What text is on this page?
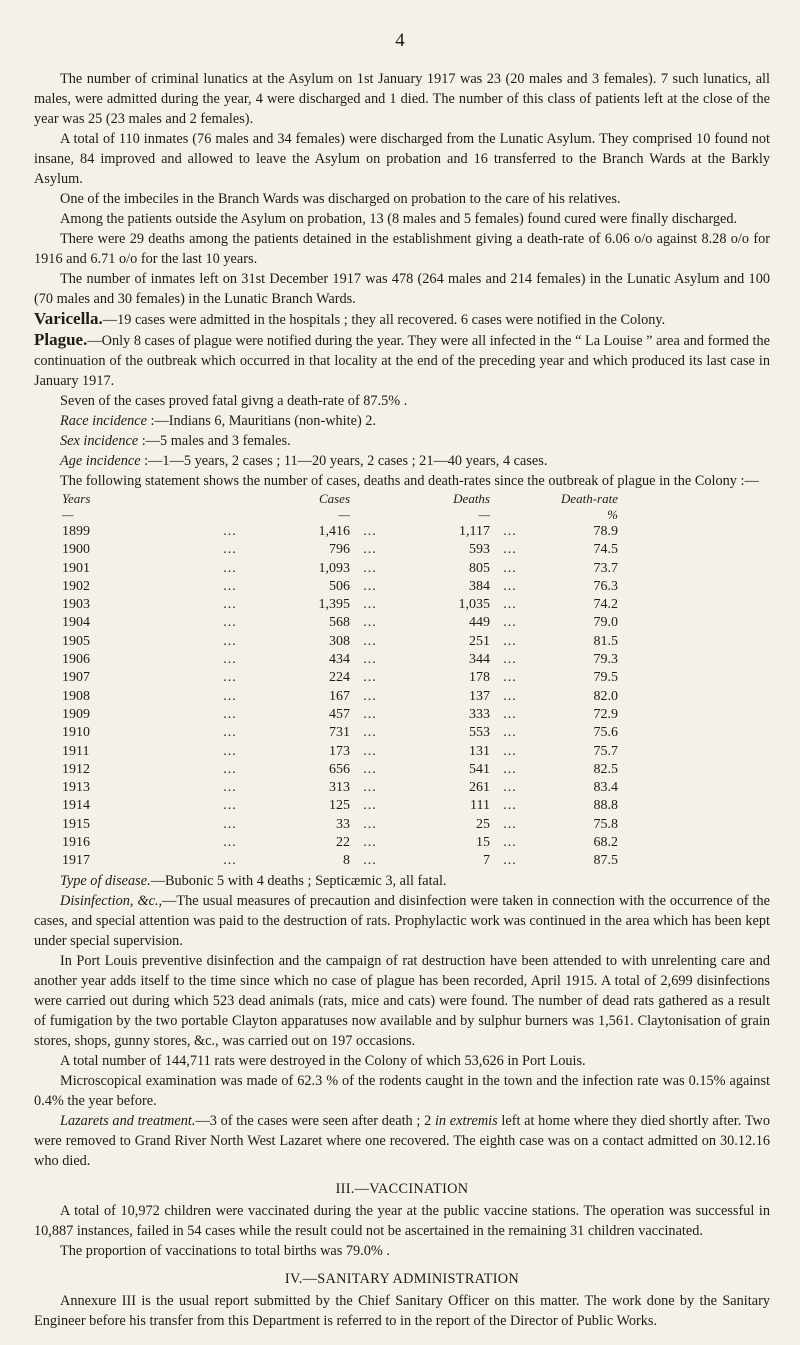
4

The number of criminal lunatics at the Asylum on 1st January 1917 was 23 (20 males and 3 females). 7 such lunatics, all males, were admitted during the year, 4 were discharged and 1 died. The number of this class of patients left at the close of the year was 25 (23 males and 2 females).

A total of 110 inmates (76 males and 34 females) were discharged from the Lunatic Asylum. They comprised 10 found not insane, 84 improved and allowed to leave the Asylum on probation and 16 transferred to the Branch Wards at the Barkly Asylum.

One of the imbeciles in the Branch Wards was discharged on probation to the care of his relatives.

Among the patients outside the Asylum on probation, 13 (8 males and 5 females) found cured were finally discharged.

There were 29 deaths among the patients detained in the establishment giving a death-rate of 6.06 o/o against 8.28 o/o for 1916 and 6.71 o/o for the last 10 years.

The number of inmates left on 31st December 1917 was 478 (264 males and 214 females) in the Lunatic Asylum and 100 (70 males and 30 females) in the Lunatic Branch Wards.

Varicella.—19 cases were admitted in the hospitals ; they all recovered. 6 cases were notified in the Colony.

Plague.—Only 8 cases of plague were notified during the year. They were all infected in the “ La Louise ” area and formed the continuation of the outbreak which occurred in that locality at the end of the preceding year and which produced its last case in January 1917.

Seven of the cases proved fatal givng a death-rate of 87.5% .

Race incidence :—Indians 6, Mauritians (non-white) 2.

Sex incidence :—5 males and 3 females.

Age incidence :—1—5 years, 2 cases ; 11—20 years, 2 cases ; 21—40 years, 4 cases.

The following statement shows the number of cases, deaths and death-rates since the outbreak of plague in the Colony :—

Years		Cases		Deaths		Death-rate
—		—		—		%
1899	...	1,416	...	1,117	...	78.9
1900	...	796	...	593	...	74.5
1901	...	1,093	...	805	...	73.7
1902	...	506	...	384	...	76.3
1903	...	1,395	...	1,035	...	74.2
1904	...	568	...	449	...	79.0
1905	...	308	...	251	...	81.5
1906	...	434	...	344	...	79.3
1907	...	224	...	178	...	79.5
1908	...	167	...	137	...	82.0
1909	...	457	...	333	...	72.9
1910	...	731	...	553	...	75.6
1911	...	173	...	131	...	75.7
1912	...	656	...	541	...	82.5
1913	...	313	...	261	...	83.4
1914	...	125	...	111	...	88.8
1915	...	33	...	25	...	75.8
1916	...	22	...	15	...	68.2
1917	...	8	...	7	...	87.5

Type of disease.—Bubonic 5 with 4 deaths ; Septicæmic 3, all fatal.

Disinfection, &c.,—The usual measures of precaution and disinfection were taken in connection with the occurrence of the cases, and special attention was paid to the destruction of rats. Prophylactic work was continued in the area which has been kept under special supervision.

In Port Louis preventive disinfection and the campaign of rat destruction have been attended to with unrelenting care and another year adds itself to the time since which no case of plague has been recorded, April 1915. A total of 2,699 disinfections were carried out during which 523 dead animals (rats, mice and cats) were found. The number of dead rats gathered as a result of fumigation by the two portable Clayton apparatuses now available and by sulphur burners was 1,561. Claytonisation of grain stores, shops, gunny stores, &c., was carried out on 197 occasions.

A total number of 144,711 rats were destroyed in the Colony of which 53,626 in Port Louis.

Microscopical examination was made of 62.3 % of the rodents caught in the town and the infection rate was 0.15% against 0.4% the year before.

Lazarets and treatment.—3 of the cases were seen after death ; 2 in extremis left at home where they died shortly after. Two were removed to Grand River North West Lazaret where one recovered. The eighth case was on a contact admitted on 30.12.16 who died.

III.—VACCINATION

A total of 10,972 children were vaccinated during the year at the public vaccine stations. The operation was successful in 10,887 instances, failed in 54 cases while the result could not be ascertained in the remaining 31 children vaccinated.

The proportion of vaccinations to total births was 79.0% .

IV.—SANITARY ADMINISTRATION

Annexure III is the usual report submitted by the Chief Sanitary Officer on this matter. The work done by the Sanitary Engineer before his transfer from this Department is referred to in the report of the Director of Public Works.
